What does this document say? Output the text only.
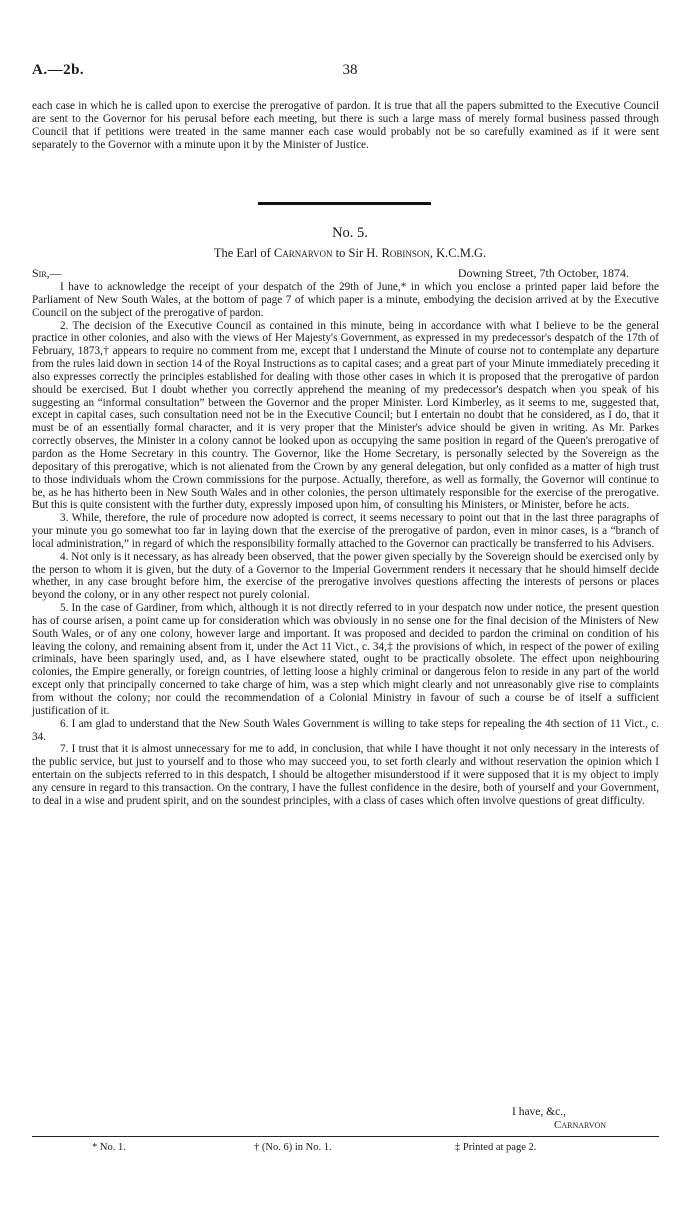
A.—2b.	38

each case in which he is called upon to exercise the prerogative of pardon. It is true that all the papers submitted to the Executive Council are sent to the Governor for his perusal before each meeting, but there is such a large mass of merely formal business passed through Council that if petitions were treated in the same manner each case would probably not be so carefully examined as if it were sent separately to the Governor with a minute upon it by the Minister of Justice.

No. 5.
The Earl of Carnarvon to Sir H. Robinson, K.C.M.G.
Sir,—	Downing Street, 7th October, 1874.

I have to acknowledge the receipt of your despatch of the 29th of June,* in which you enclose a printed paper laid before the Parliament of New South Wales, at the bottom of page 7 of which paper is a minute, embodying the decision arrived at by the Executive Council on the subject of the prerogative of pardon.

2. The decision of the Executive Council as contained in this minute, being in accordance with what I believe to be the general practice in other colonies, and also with the views of Her Majesty's Government, as expressed in my predecessor's despatch of the 17th of February, 1873,† appears to require no comment from me, except that I understand the Minute of course not to contemplate any departure from the rules laid down in section 14 of the Royal Instructions as to capital cases; and a great part of your Minute immediately preceding it also expresses correctly the principles established for dealing with those other cases in which it is proposed that the prerogative of pardon should be exercised. But I doubt whether you correctly apprehend the meaning of my predecessor's despatch when you speak of his suggesting an “informal consultation” between the Governor and the proper Minister. Lord Kimberley, as it seems to me, suggested that, except in capital cases, such consultation need not be in the Executive Council; but I entertain no doubt that he considered, as I do, that it must be of an essentially formal character, and it is very proper that the Minister's advice should be given in writing. As Mr. Parkes correctly observes, the Minister in a colony cannot be looked upon as occupying the same position in regard of the Queen's prerogative of pardon as the Home Secretary in this country. The Governor, like the Home Secretary, is personally selected by the Sovereign as the depositary of this prerogative, which is not alienated from the Crown by any general delegation, but only confided as a matter of high trust to those individuals whom the Crown commissions for the purpose. Actually, therefore, as well as formally, the Governor will continue to be, as he has hitherto been in New South Wales and in other colonies, the person ultimately responsible for the exercise of the prerogative. But this is quite consistent with the further duty, expressly imposed upon him, of consulting his Ministers, or Minister, before he acts.

3. While, therefore, the rule of procedure now adopted is correct, it seems necessary to point out that in the last three paragraphs of your minute you go somewhat too far in laying down that the exercise of the prerogative of pardon, even in minor cases, is a “branch of local administration,” in regard of which the responsibility formally attached to the Governor can practically be transferred to his Advisers.

4. Not only is it necessary, as has already been observed, that the power given specially by the Sovereign should be exercised only by the person to whom it is given, but the duty of a Governor to the Imperial Government renders it necessary that he should himself decide whether, in any case brought before him, the exercise of the prerogative involves questions affecting the interests of persons or places beyond the colony, or in any other respect not purely colonial.

5. In the case of Gardiner, from which, although it is not directly referred to in your despatch now under notice, the present question has of course arisen, a point came up for consideration which was obviously in no sense one for the final decision of the Ministers of New South Wales, or of any one colony, however large and important. It was proposed and decided to pardon the criminal on condition of his leaving the colony, and remaining absent from it, under the Act 11 Vict., c. 34,‡ the provisions of which, in respect of the power of exiling criminals, have been sparingly used, and, as I have elsewhere stated, ought to be practically obsolete. The effect upon neighbouring colonies, the Empire generally, or foreign countries, of letting loose a highly criminal or dangerous felon to reside in any part of the world except only that principally concerned to take charge of him, was a step which might clearly and not unreasonably give rise to complaints from without the colony; nor could the recommendation of a Colonial Ministry in favour of such a course be of itself a sufficient justification of it.

6. I am glad to understand that the New South Wales Government is willing to take steps for repealing the 4th section of 11 Vict., c. 34.

7. I trust that it is almost unnecessary for me to add, in conclusion, that while I have thought it not only necessary in the interests of the public service, but just to yourself and to those who may succeed you, to set forth clearly and without reservation the opinion which I entertain on the subjects referred to in this despatch, I should be altogether misunderstood if it were supposed that it is my object to imply any censure in regard to this transaction. On the contrary, I have the fullest confidence in the desire, both of yourself and your Government, to deal in a wise and prudent spirit, and on the soundest principles, with a class of cases which often involve questions of great difficulty.

I have, &c.,
Carnarvon
* No. 1.	† (No. 6) in No. 1.	‡ Printed at page 2.
